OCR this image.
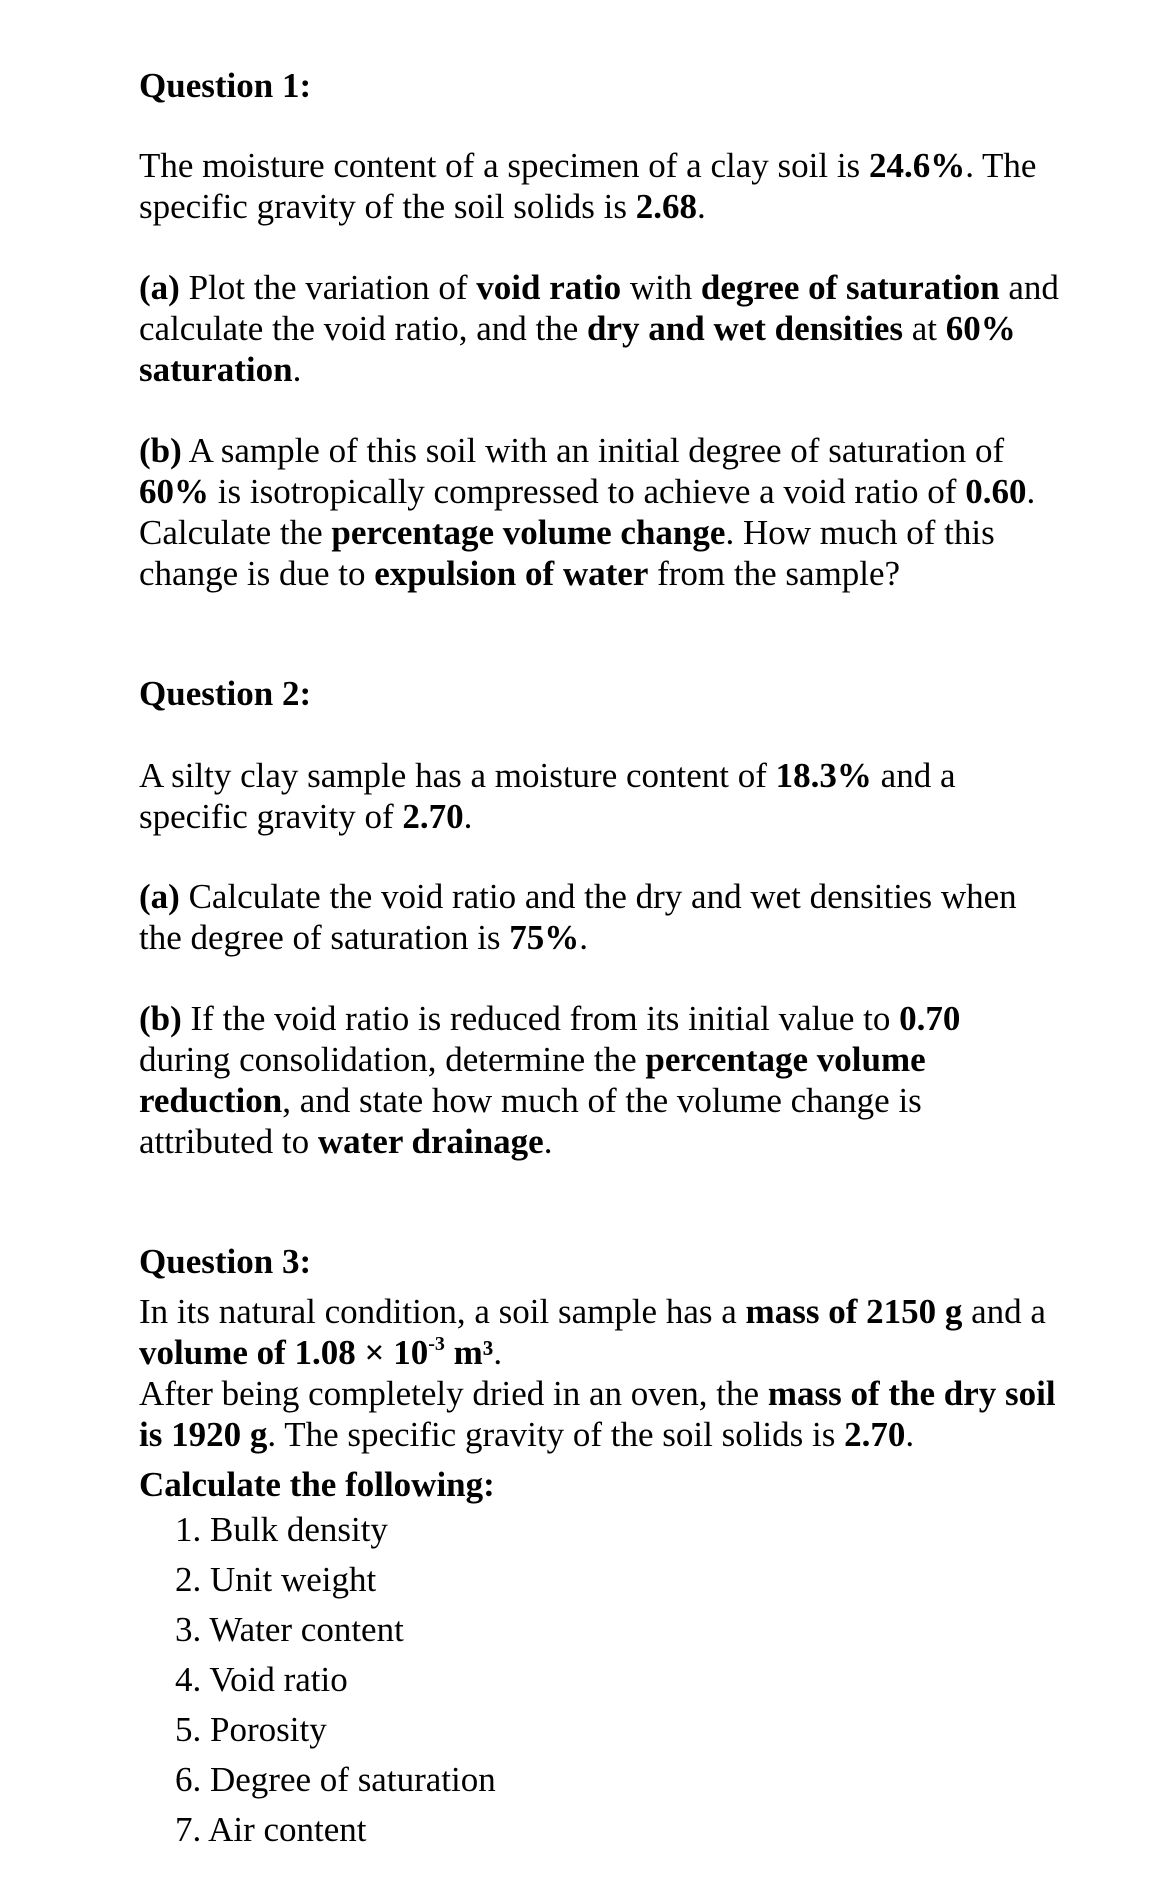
Question 1:

The moisture content of a specimen of a clay soil is 24.6%. The specific gravity of the soil solids is 2.68.

(a) Plot the variation of void ratio with degree of saturation and calculate the void ratio, and the dry and wet densities at 60% saturation.

(b) A sample of this soil with an initial degree of saturation of 60% is isotropically compressed to achieve a void ratio of 0.60. Calculate the percentage volume change. How much of this change is due to expulsion of water from the sample?

Question 2:

A silty clay sample has a moisture content of 18.3% and a specific gravity of 2.70.

(a) Calculate the void ratio and the dry and wet densities when the degree of saturation is 75%.

(b) If the void ratio is reduced from its initial value to 0.70 during consolidation, determine the percentage volume reduction, and state how much of the volume change is attributed to water drainage.

Question 3:

In its natural condition, a soil sample has a mass of 2150 g and a volume of $1.08 \times 10^{-3}$ m³.

After being completely dried in an oven, the mass of the dry soil is 1920 g. The specific gravity of the soil solids is 2.70.

Calculate the following:
1. Bulk density
2. Unit weight
3. Water content
4. Void ratio
5. Porosity
6. Degree of saturation
7. Air content
